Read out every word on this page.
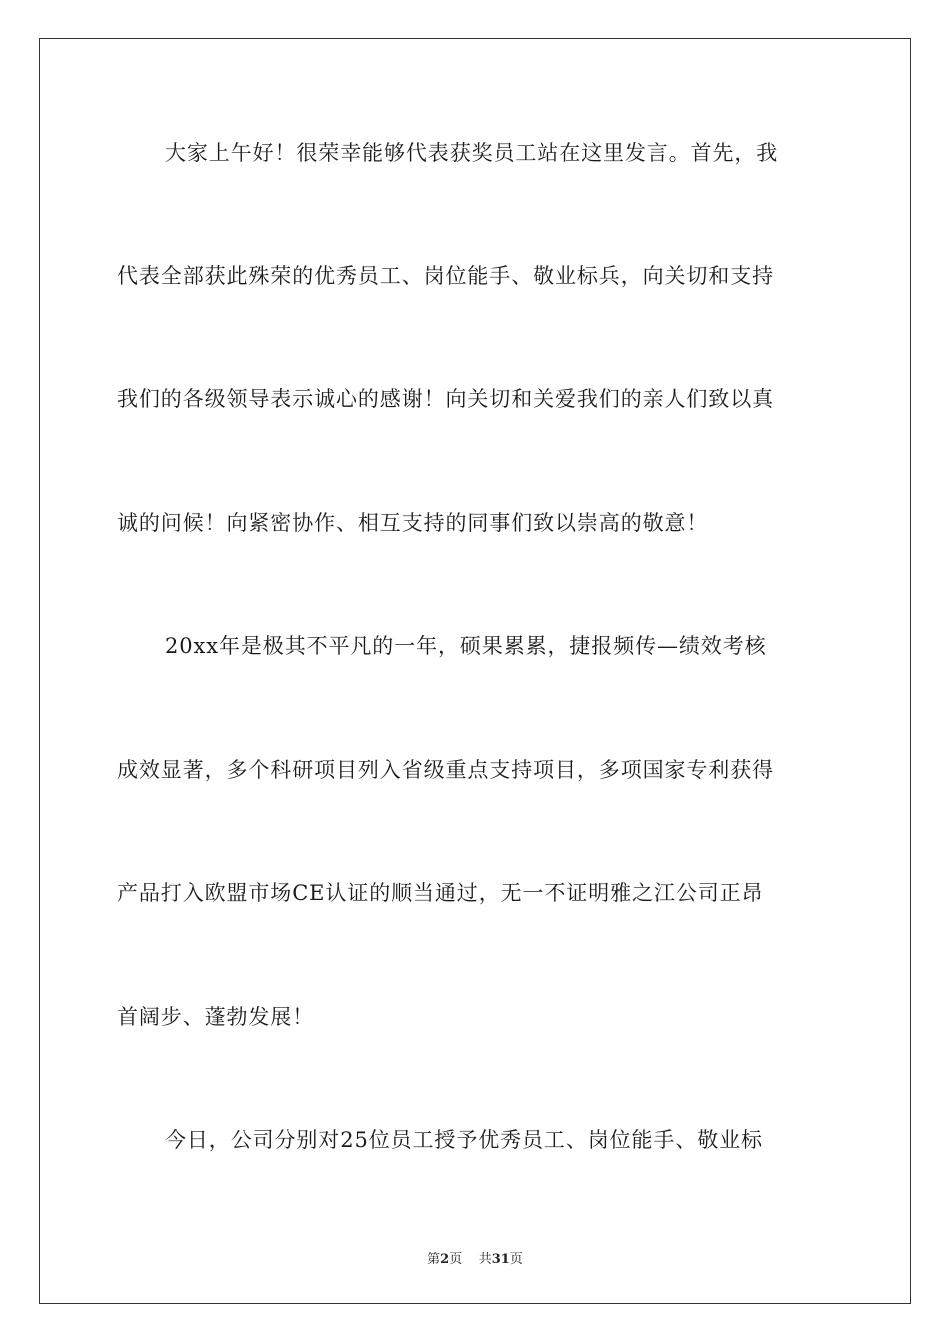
大家上午好！很荣幸能够代表获奖员工站在这里发言。首先，我
代表全部获此殊荣的优秀员工、岗位能手、敬业标兵，向关切和支持
我们的各级领导表示诚心的感谢！向关切和关爱我们的亲人们致以真
诚的问候！向紧密协作、相互支持的同事们致以崇高的敬意！
20xx年是极其不平凡的一年，硕果累累，捷报频传—绩效考核
成效显著，多个科研项目列入省级重点支持项目，多项国家专利获得
产品打入欧盟市场CE认证的顺当通过，无一不证明雅之江公司正昂
首阔步、蓬勃发展！
今日，公司分别对25位员工授予优秀员工、岗位能手、敬业标
第2页 共31页
